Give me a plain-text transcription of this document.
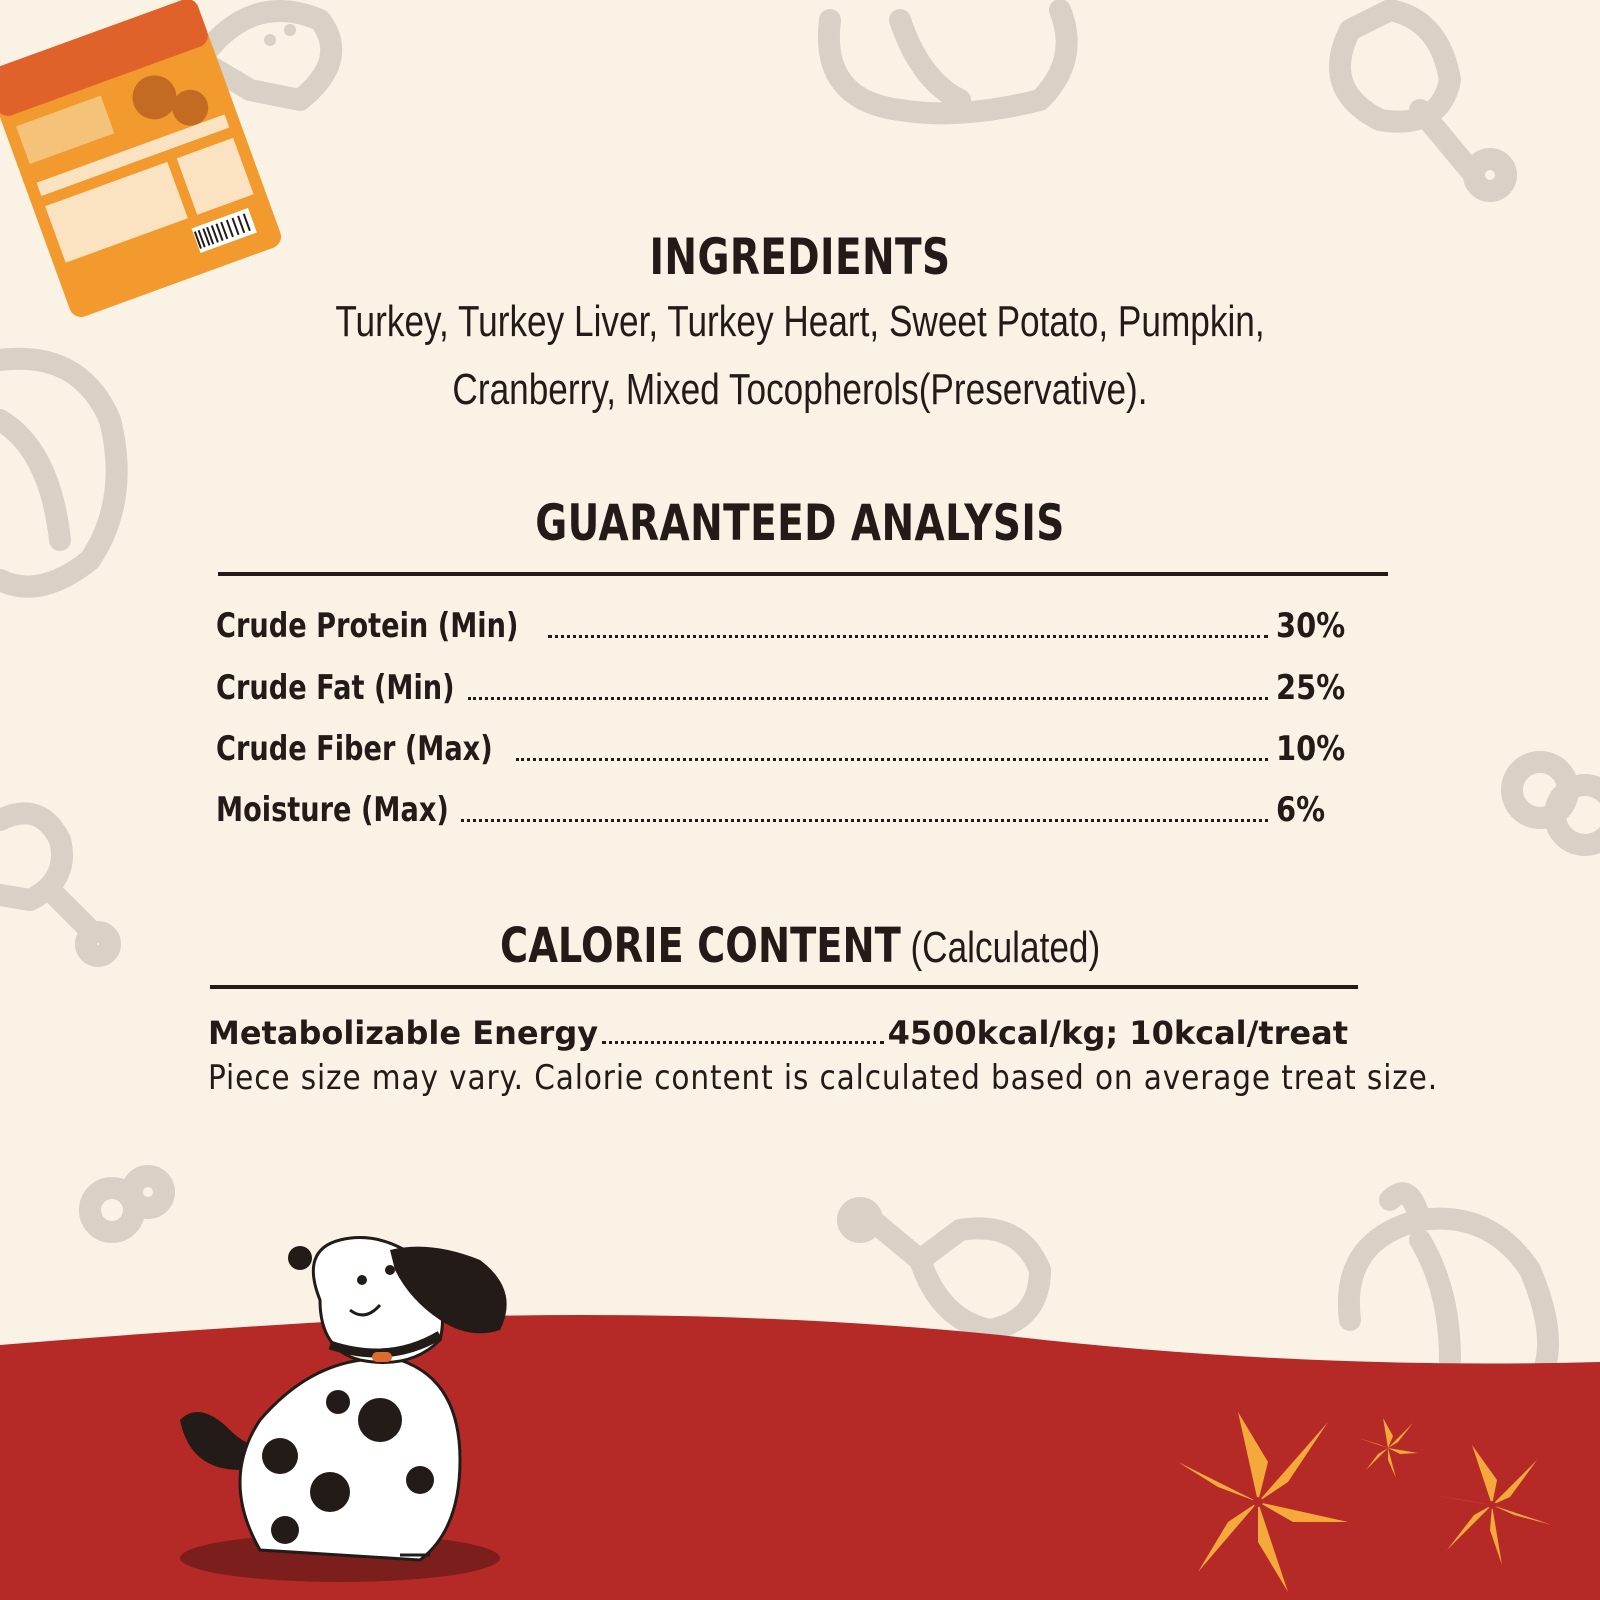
INGREDIENTS
Turkey, Turkey Liver, Turkey Heart, Sweet Potato, Pumpkin, Cranberry, Mixed Tocopherols(Preservative).
GUARANTEED ANALYSIS
Crude Protein (Min)	30%
Crude Fat (Min)	25%
Crude Fiber (Max)	10%
Moisture (Max)	6%
CALORIE CONTENT (Calculated)
Metabolizable Energy	4500kcal/kg; 10kcal/treat
Piece size may vary. Calorie content is calculated based on average treat size.
